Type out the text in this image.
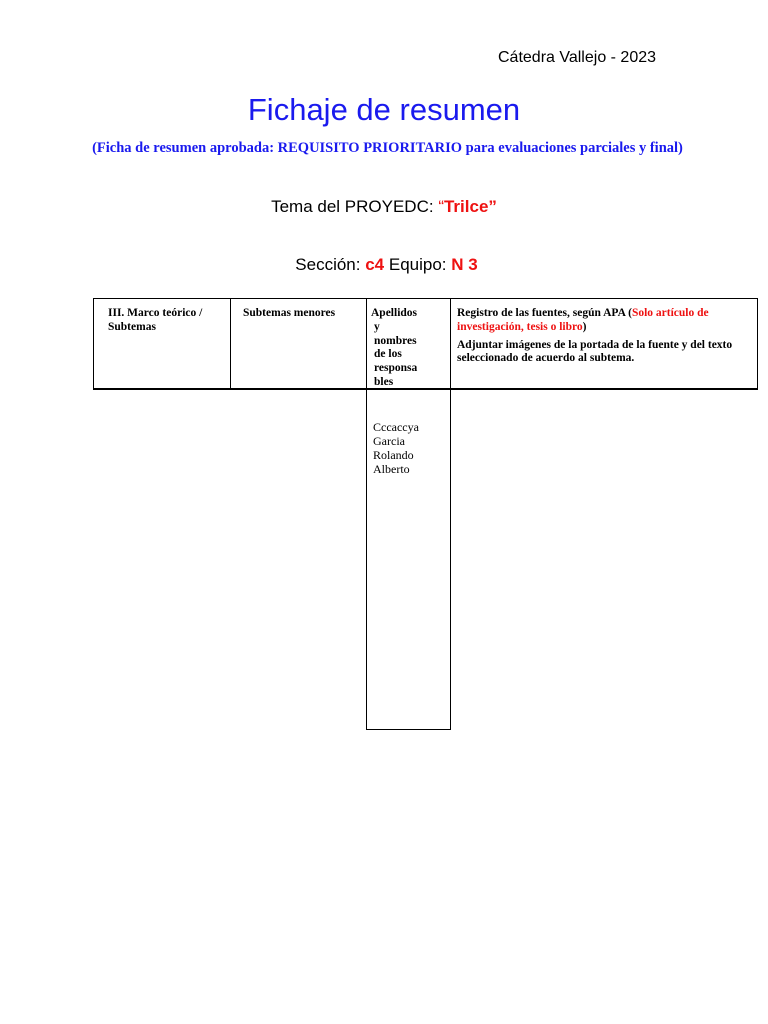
Cátedra Vallejo - 2023
Fichaje de resumen
(Ficha de resumen aprobada: REQUISITO PRIORITARIO para evaluaciones parciales y final)
Tema del PROYEDC: “Trilce”
Sección: c4 Equipo: N 3
III. Marco teórico / Subtemas
Subtemas menores	Apellidos
y
nombres
de los
responsa
bles
Registro de las fuentes, según APA (Solo artículo de investigación, tesis o libro)
Adjuntar imágenes de la portada de la fuente y del texto seleccionado de acuerdo al subtema.
Cccaccya
Garcia
Rolando
Alberto
